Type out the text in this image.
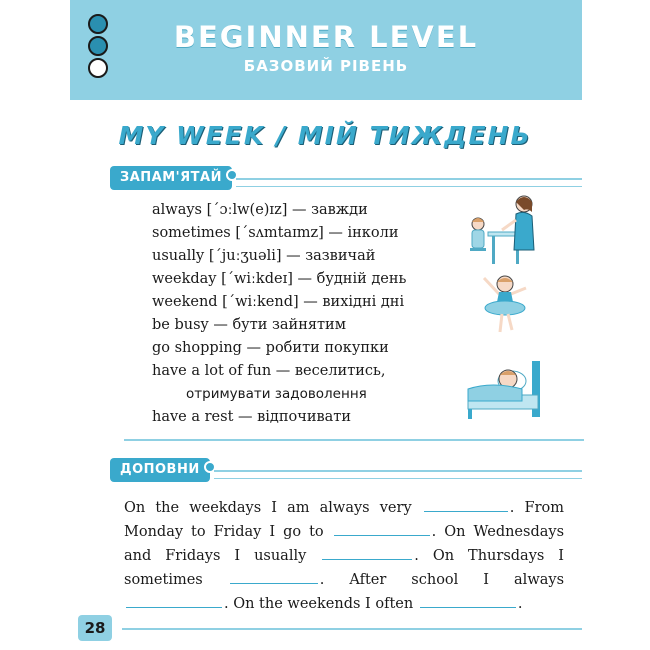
BEGINNER LEVEL
БАЗОВИЙ РІВЕНЬ
MY WEEK / МІЙ ТИЖДЕНЬ
ЗАПАМ'ЯТАЙ
always [ˊɔːlw(e)ɪz] — завжди
sometimes [ˊsʌmtaɪmz] — інколи
usually [ˊjuːʒuəli] — зазвичай
weekday [ˊwiːkdeɪ] — будній день
weekend [ˊwiːkend] — вихідні дні
be busy — бути зайнятим
go shopping — робити покупки
have a lot of fun — веселитись,
отримувати задоволення
have a rest — відпочивати
ДОПОВНИ
On the weekdays I am always very	. From Monday to Friday I go to	. On Wednesdays and Fridays I usually	. On Thursdays I sometimes	. After school I always . On the weekends I often	.
28
